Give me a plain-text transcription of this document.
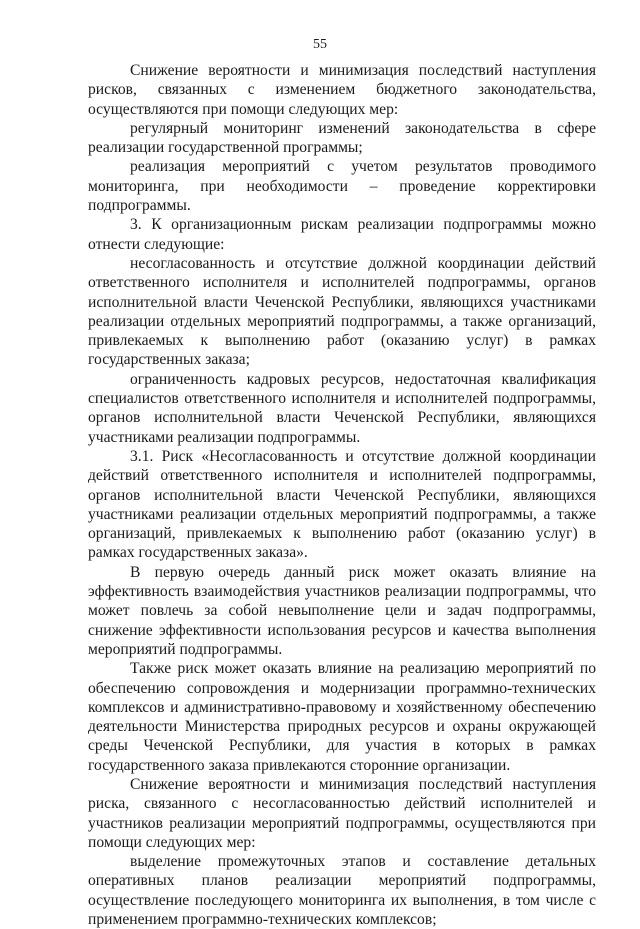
55

Снижение вероятности и минимизация последствий наступления рисков, связанных с изменением бюджетного законодательства, осуществляются при помощи следующих мер:

регулярный мониторинг изменений законодательства в сфере реализации государственной программы;

реализация мероприятий с учетом результатов проводимого мониторинга, при необходимости – проведение корректировки подпрограммы.

3. К организационным рискам реализации подпрограммы можно отнести следующие:

несогласованность и отсутствие должной координации действий ответственного исполнителя и исполнителей подпрограммы, органов исполнительной власти Чеченской Республики, являющихся участниками реализации отдельных мероприятий подпрограммы, а также организаций, привлекаемых к выполнению работ (оказанию услуг) в рамках государственных заказа;

ограниченность кадровых ресурсов, недостаточная квалификация специалистов ответственного исполнителя и исполнителей подпрограммы, органов исполнительной власти Чеченской Республики, являющихся участниками реализации подпрограммы.

3.1. Риск «Несогласованность и отсутствие должной координации действий ответственного исполнителя и исполнителей подпрограммы, органов исполнительной власти Чеченской Республики, являющихся участниками реализации отдельных мероприятий подпрограммы, а также организаций, привлекаемых к выполнению работ (оказанию услуг) в рамках государственных заказа».

В первую очередь данный риск может оказать влияние на эффективность взаимодействия участников реализации подпрограммы, что может повлечь за собой невыполнение цели и задач подпрограммы, снижение эффективности использования ресурсов и качества выполнения мероприятий подпрограммы.

Также риск может оказать влияние на реализацию мероприятий по обеспечению сопровождения и модернизации программно-технических комплексов и административно-правовому и хозяйственному обеспечению деятельности Министерства природных ресурсов и охраны окружающей среды Чеченской Республики, для участия в которых в рамках государственного заказа привлекаются сторонние организации.

Снижение вероятности и минимизация последствий наступления риска, связанного с несогласованностью действий исполнителей и участников реализации мероприятий подпрограммы, осуществляются при помощи следующих мер:

выделение промежуточных этапов и составление детальных оперативных планов реализации мероприятий подпрограммы, осуществление последующего мониторинга их выполнения, в том числе с применением программно-технических комплексов;
